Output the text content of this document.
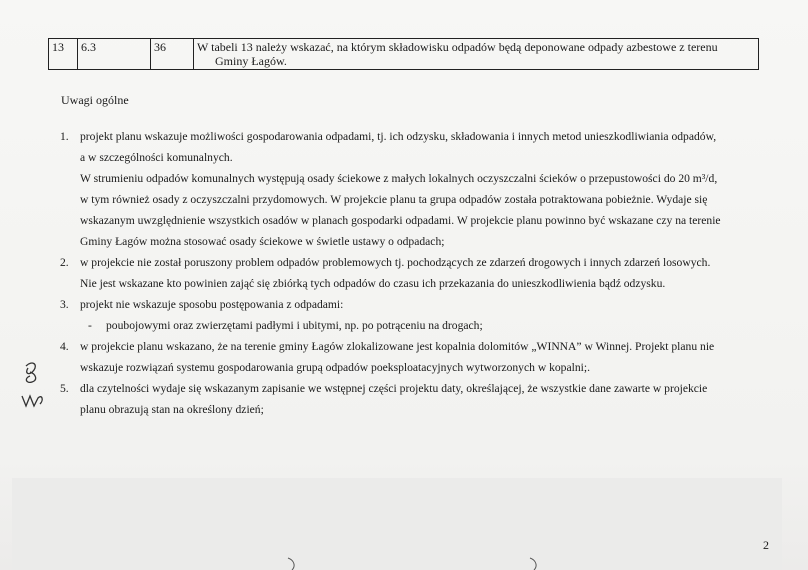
13	6.3	36	W tabeli 13 należy wskazać, na którym składowisku odpadów będą deponowane odpady azbestowe z terenu
Gminy Łagów.
Uwagi ogólne
1. projekt planu wskazuje możliwości gospodarowania odpadami, tj. ich odzysku, składowania i innych metod unieszkodliwiania odpadów,

a w szczególności komunalnych.

W strumieniu odpadów komunalnych występują osady ściekowe z małych lokalnych oczyszczalni ścieków o przepustowości do 20 m³/d,

w tym również osady z oczyszczalni przydomowych. W projekcie planu ta grupa odpadów została potraktowana pobieżnie. Wydaje się

wskazanym uwzględnienie wszystkich osadów w planach gospodarki odpadami. W projekcie planu powinno być wskazane czy na terenie

Gminy Łagów można stosować osady ściekowe w świetle ustawy o odpadach;

2. w projekcie nie został poruszony problem odpadów problemowych tj. pochodzących ze zdarzeń drogowych i innych zdarzeń losowych.

Nie jest wskazane kto powinien zająć się zbiórką tych odpadów do czasu ich przekazania do unieszkodliwienia bądź odzysku.

3. projekt nie wskazuje sposobu postępowania z odpadami:

- poubojowymi oraz zwierzętami padłymi i ubitymi, np. po potrąceniu na drogach;
4. w projekcie planu wskazano, że na terenie gminy Łagów zlokalizowane jest kopalnia dolomitów „WINNA” w Winnej. Projekt planu nie

wskazuje rozwiązań systemu gospodarowania grupą odpadów poeksploatacyjnych wytworzonych w kopalni;.

5. dla czytelności wydaje się wskazanym zapisanie we wstępnej części projektu daty, określającej, że wszystkie dane zawarte w projekcie

planu obrazują stan na określony dzień;

2
